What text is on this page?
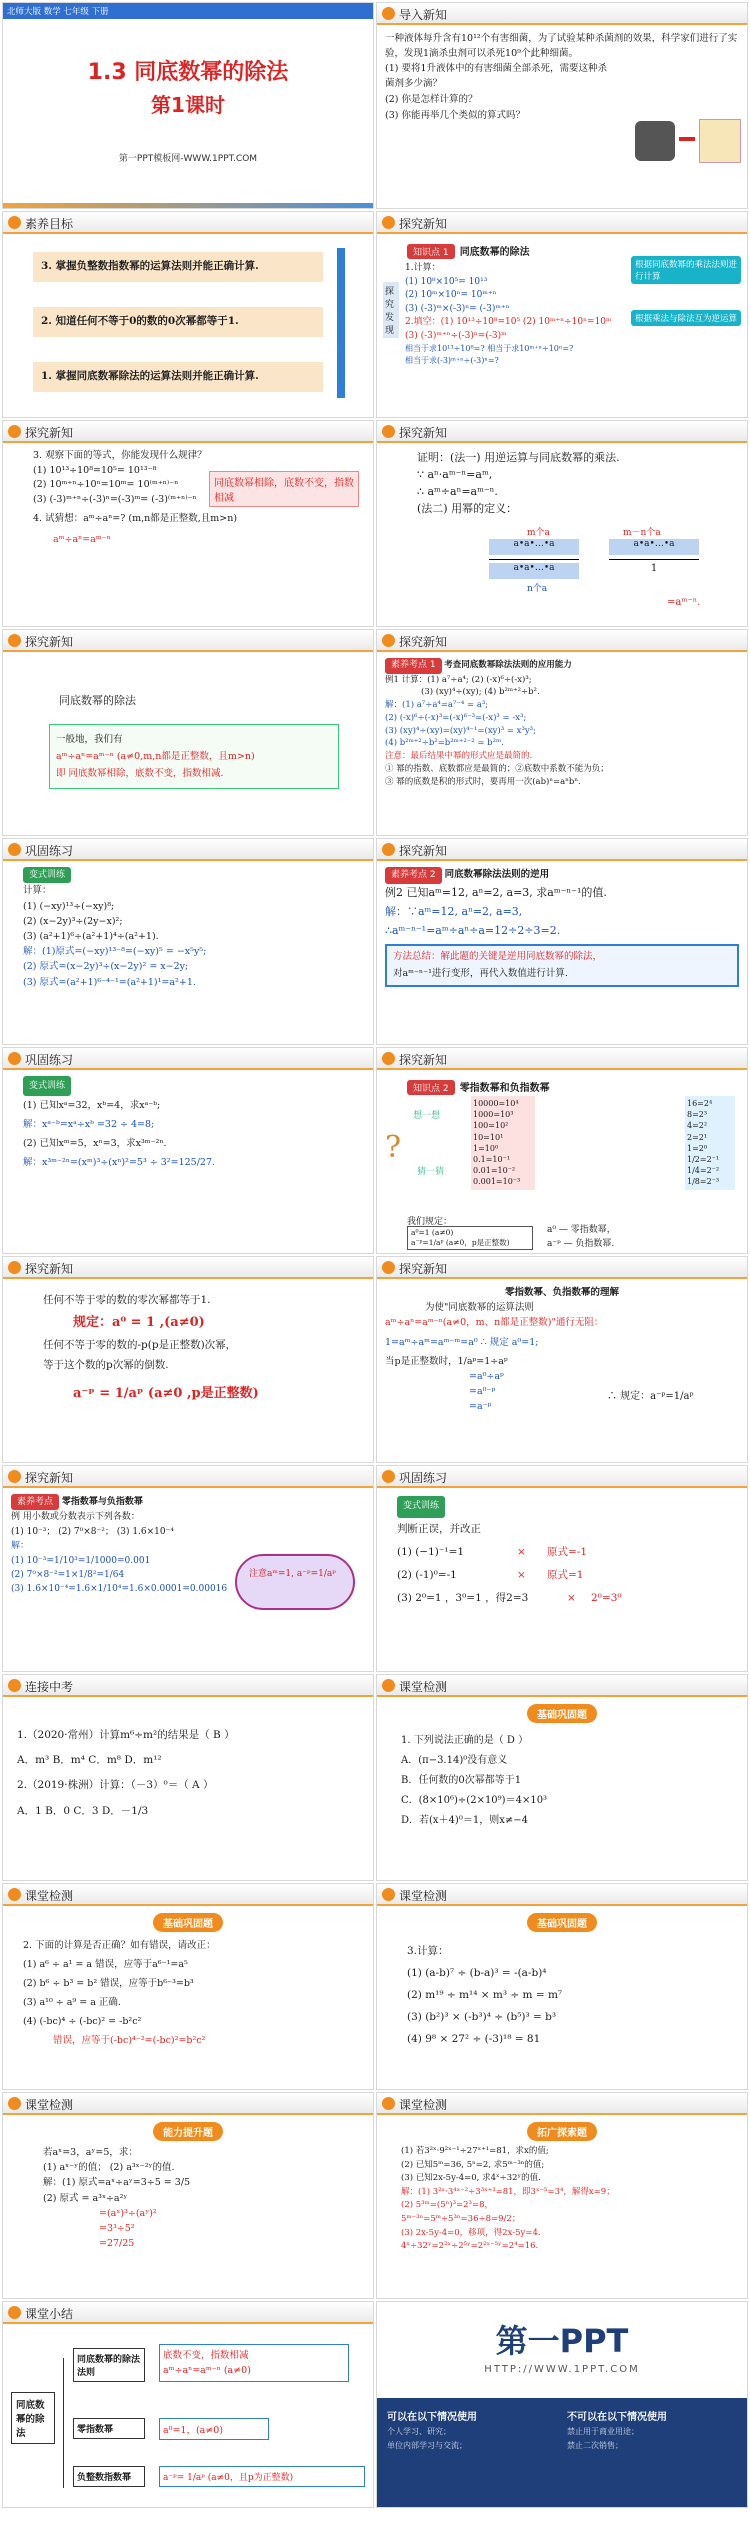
北师大版 数学 七年级 下册
1.3 同底数幂的除法
第1课时
第一PPT模板网-WWW.1PPT.COM
导入新知
一种液体每升含有10¹²个有害细菌，为了试验某种杀菌剂的效果，科学家们进行了实验，发现1滴杀虫剂可以杀死10⁹个此种细菌。
(1) 要将1升液体中的有害细菌全部杀死，需要这种杀菌剂多少滴？
(2) 你是怎样计算的？
(3) 你能再举几个类似的算式吗？
素养目标
3. 掌握负整数指数幂的运算法则并能正确计算.
2. 知道任何不等于0的数的0次幂都等于1.
1. 掌握同底数幂除法的运算法则并能正确计算.
探究新知
知识点 1 同底数幂的除法
探究发现
根据同底数幂的乘法法则进行计算
1.计算：
(1) 10⁸×10⁵= 10¹³
(2) 10ᵐ×10ⁿ= 10ᵐ⁺ⁿ
(3) (-3)ᵐ×(-3)ⁿ= (-3)ᵐ⁺ⁿ
2.填空：(1) 10¹³÷10⁸=10⁵ (2) 10ᵐ⁺ⁿ÷10ⁿ=10ᵐ
(3) (-3)ᵐ⁺ⁿ÷(-3)ⁿ=(-3)ᵐ
相当于求10¹³÷10⁸=? 相当于求10ᵐ⁺ⁿ÷10ⁿ=?
相当于求(-3)ᵐ⁺ⁿ÷(-3)ⁿ=?
根据乘法与除法互为逆运算
探究新知
3. 观察下面的等式，你能发现什么规律？
(1) 10¹³÷10⁸=10⁵= 10¹³⁻⁸
(2) 10ᵐ⁺ⁿ÷10ⁿ=10ᵐ= 10⁽ᵐ⁺ⁿ⁾⁻ⁿ
(3) (-3)ᵐ⁺ⁿ÷(-3)ⁿ=(-3)ᵐ= (-3)⁽ᵐ⁺ⁿ⁾⁻ⁿ
4. 试猜想：aᵐ÷aⁿ=? (m,n都是正整数,且m>n)
aᵐ÷aⁿ=aᵐ⁻ⁿ
同底数幂相除，底数不变，指数相减
探究新知
证明：(法一) 用逆运算与同底数幂的乘法.
∵ aⁿ·aᵐ⁻ⁿ=aᵐ,
∴ aᵐ÷aⁿ=aᵐ⁻ⁿ.
(法二) 用幂的定义：
m个a
a•a•…•a
a•a•…•a
n个a
m－n个a
a•a•…•a
1
=aᵐ⁻ⁿ.
探究新知
同底数幂的除法
一般地，我们有
aᵐ÷aⁿ=aᵐ⁻ⁿ (a≠0,m,n都是正整数，且m>n)
即 同底数幂相除，底数不变，指数相减.
探究新知
素养考点 1 考查同底数幂除法法则的应用能力
例1 计算：(1) a⁷÷a⁴; (2) (-x)⁶÷(-x)³;
(3) (xy)⁴÷(xy); (4) b²ᵐ⁺²÷b².
解：(1) a⁷÷a⁴=a⁷⁻⁴ = a³;
(2) (-x)⁶÷(-x)³=(-x)⁶⁻³=(-x)³ = -x³;
(3) (xy)⁴÷(xy)=(xy)⁴⁻¹=(xy)³ = x³y³;
(4) b²ᵐ⁺²÷b²=b²ᵐ⁺²⁻² = b²ᵐ.
注意：最后结果中幂的形式应是最简的.
① 幂的指数、底数都应是最简的；②底数中系数不能为负；
③ 幂的底数是积的形式时，要再用一次(ab)ⁿ=aⁿbⁿ.
巩固练习
变式训练
计算：
(1) (−xy)¹³÷(−xy)⁸;
(2) (x−2y)³÷(2y−x)²;
(3) (a²+1)⁶÷(a²+1)⁴÷(a²+1).
解：(1)原式=(−xy)¹³⁻⁸=(−xy)⁵ = −x⁵y⁵;
(2) 原式=(x−2y)³÷(x−2y)² = x−2y;
(3) 原式=(a²+1)⁶⁻⁴⁻¹=(a²+1)¹=a²+1.
探究新知
素养考点 2 同底数幂除法法则的逆用
例2 已知aᵐ=12, aⁿ=2, a=3, 求aᵐ⁻ⁿ⁻¹的值.
解：∵aᵐ=12, aⁿ=2, a=3,
∴aᵐ⁻ⁿ⁻¹=aᵐ÷aⁿ÷a=12÷2÷3=2.
方法总结：解此题的关键是逆用同底数幂的除法，
对aᵐ⁻ⁿ⁻¹进行变形，再代入数值进行计算.
巩固练习
变式训练
(1) 已知xᵃ=32，xᵇ=4，求xᵃ⁻ᵇ;
解：xᵃ⁻ᵇ=xᵃ÷xᵇ =32 ÷ 4=8;
(2) 已知xᵐ=5，xⁿ=3，求x³ᵐ⁻²ⁿ.
解：x³ᵐ⁻²ⁿ=(xᵐ)³÷(xⁿ)²=5³ ÷ 3²=125/27.
探究新知
知识点 2 零指数幂和负指数幂
想一想
猜一猜
?
10000=10⁴
1000=10³
100=10²
10=10¹
1=10⁰
0.1=10⁻¹
0.01=10⁻²
0.001=10⁻³
16=2⁴
8=2³
4=2²
2=2¹
1=2⁰
1/2=2⁻¹
1/4=2⁻²
1/8=2⁻³
我们规定：
a⁰=1 (a≠0)
a⁻ᵖ=1/aᵖ (a≠0，p是正整数)
a⁰ — 零指数幂，
a⁻ᵖ — 负指数幂.
探究新知
任何不等于零的数的零次幂都等于1.
规定：a⁰ = 1 ,(a≠0)
任何不等于零的数的-p(p是正整数)次幂，
等于这个数的p次幂的倒数.
a⁻ᵖ = 1/aᵖ (a≠0 ,p是正整数)
探究新知
零指数幂、负指数幂的理解
为使"同底数幂的运算法则
aᵐ÷aⁿ=aᵐ⁻ⁿ(a≠0，m、n都是正整数)"通行无阻：
1=aᵐ÷aᵐ=aᵐ⁻ᵐ=a⁰ ∴ 规定 a⁰=1;
当p是正整数时，1/aᵖ=1÷aᵖ
=a⁰÷aᵖ
=a⁰⁻ᵖ
=a⁻ᵖ
∴ 规定：a⁻ᵖ=1/aᵖ
探究新知
素养考点 零指数幂与负指数幂
例 用小数或分数表示下列各数：
(1) 10⁻³； (2) 7⁰×8⁻²； (3) 1.6×10⁻⁴
解：
(1) 10⁻³=1/10³=1/1000=0.001
(2) 7⁰×8⁻²=1×1/8²=1/64
(3) 1.6×10⁻⁴=1.6×1/10⁴=1.6×0.0001=0.00016
注意aᵐ=1, a⁻ᵖ=1/aᵖ
巩固练习
变式训练
判断正误，并改正
(1) (−1)⁻¹=1	× 原式=-1
(2) (-1)⁰=-1	× 原式=1
(3) 2⁰=1 ，3⁰=1 ，得2=3	× 2⁰=3⁰
连接中考
1.（2020·常州）计算m⁶÷m²的结果是（ B ）
A．m³ B．m⁴ C．m⁸ D．m¹²
2.（2019·株洲）计算：（－3）⁰＝（ A ）
A．1 B．0 C．3 D．－1/3
课堂检测
基础巩固题
1. 下列说法正确的是（ D ）
A．(π−3.14)⁰没有意义
B．任何数的0次幂都等于1
C．(8×10⁶)÷(2×10⁹)＝4×10³
D．若(x＋4)⁰＝1，则x≠−4
课堂检测
基础巩固题
2. 下面的计算是否正确？如有错误，请改正：
(1) a⁶ ÷ a¹ = a 错误，应等于a⁶⁻¹=a⁵
(2) b⁶ ÷ b³ = b² 错误，应等于b⁶⁻³=b³
(3) a¹⁰ ÷ a⁹ = a 正确.
(4) (-bc)⁴ ÷ (-bc)² = -b²c²
错误，应等于(-bc)⁴⁻²=(-bc)²=b²c²
课堂检测
基础巩固题
3.计算：
(1) (a-b)⁷ ÷ (b-a)³ = -(a-b)⁴
(2) m¹⁹ ÷ m¹⁴ × m³ ÷ m = m⁷
(3) (b²)³ × (-b³)⁴ ÷ (b⁵)³ = b³
(4) 9⁸ × 27² ÷ (-3)¹⁸ = 81
课堂检测
能力提升题
若aˣ=3，aʸ=5，求：
(1) aˣ⁻ʸ的值； (2) a³ˣ⁻²ʸ的值.
解：(1) 原式=aˣ÷aʸ=3÷5 = 3/5
(2) 原式 = a³ˣ÷a²ʸ
=(aˣ)³÷(aʸ)²
=3³÷5²
=27/25
课堂检测
拓广探索题
(1) 若3²ˣ·9²ˣ⁻¹÷27ˣ⁺¹=81，求x的值;
(2) 已知5ᵐ=36, 5ⁿ=2, 求5ᵐ⁻³ⁿ的值;
(3) 已知2x-5y-4=0, 求4ˣ÷32ʸ的值.
解：(1) 3²ˣ·3⁴ˣ⁻²÷3³ˣ⁺³=81，即3ˣ⁻⁵=3⁴，解得x=9；
(2) 5³ᵐ=(5ⁿ)³=2³=8，
5ᵐ⁻³ⁿ=5ᵐ÷5³ⁿ=36÷8=9/2；
(3) 2x-5y-4=0，移项，得2x-5y=4.
4ˣ÷32ʸ=2²ˣ÷2⁵ʸ=2²ˣ⁻⁵ʸ=2⁴=16.
课堂小结
同底数幂的除法
同底数幂的除法法则
底数不变，指数相减
aᵐ÷aⁿ=aᵐ⁻ⁿ (a≠0)
零指数幂	a⁰=1，(a≠0)
负整数指数幂	a⁻ᵖ= 1/aᵖ (a≠0，且p为正整数)
第一PPT
HTTP://WWW.1PPT.COM
可以在以下情况使用	不可以在以下情况使用
个人学习、研究；
单位内部学习与交流；
禁止用于商业用途；
禁止二次销售；
